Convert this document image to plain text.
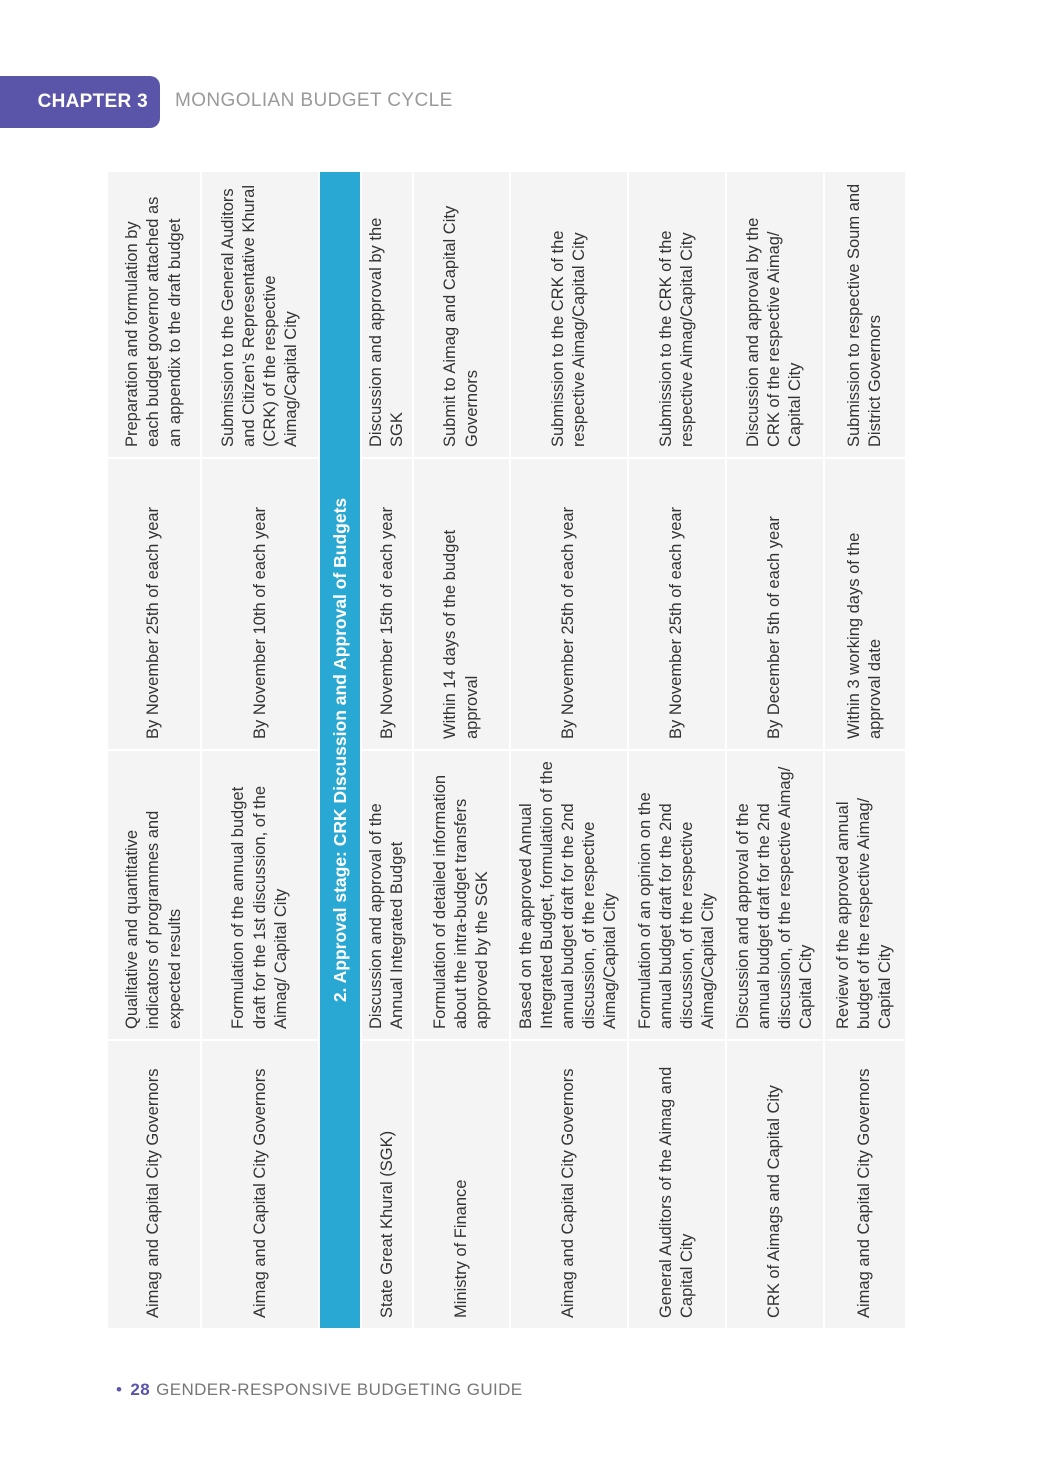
CHAPTER 3 MONGOLIAN BUDGET CYCLE
Aimag and Capital City Governors	Qualitative and quantitative indicators of programmes and expected results	By November 25th of each year	Preparation and formulation by each budget governor attached as an appendix to the draft budget
Aimag and Capital City Governors	Formulation of the annual budget draft for the 1st discussion, of the Aimag/ Capital City	By November 10th of each year	Submission to the General Auditors and Citizen’s Representative Khural (CRK) of the respective Aimag/Capital City
2. Approval stage: CRK Discussion and Approval of Budgets			
State Great Khural (SGK)	Discussion and approval of the Annual Integrated Budget	By November 15th of each year	Discussion and approval by the SGK
Ministry of Finance	Formulation of detailed information about the intra-budget transfers approved by the SGK	Within 14 days of the budget approval	Submit to Aimag and Capital City Governors
Aimag and Capital City Governors	Based on the approved Annual Integrated Budget, formulation of the annual budget draft for the 2nd discussion, of the respective Aimag/Capital City	By November 25th of each year	Submission to the CRK of the respective Aimag/Capital City
General Auditors of the Aimag and Capital City	Formulation of an opinion on the annual budget draft for the 2nd discussion, of the respective Aimag/Capital City	By November 25th of each year	Submission to the CRK of the respective Aimag/Capital City
CRK of Aimags and Capital City	Discussion and approval of the annual budget draft for the 2nd discussion, of the respective Aimag/ Capital City	By December 5th of each year	Discussion and approval by the CRK of the respective Aimag/ Capital City
Aimag and Capital City Governors	Review of the approved annual budget of the respective Aimag/ Capital City	Within 3 working days of the approval date	Submission to respective Soum and District Governors
• 28 GENDER-RESPONSIVE BUDGETING GUIDE
